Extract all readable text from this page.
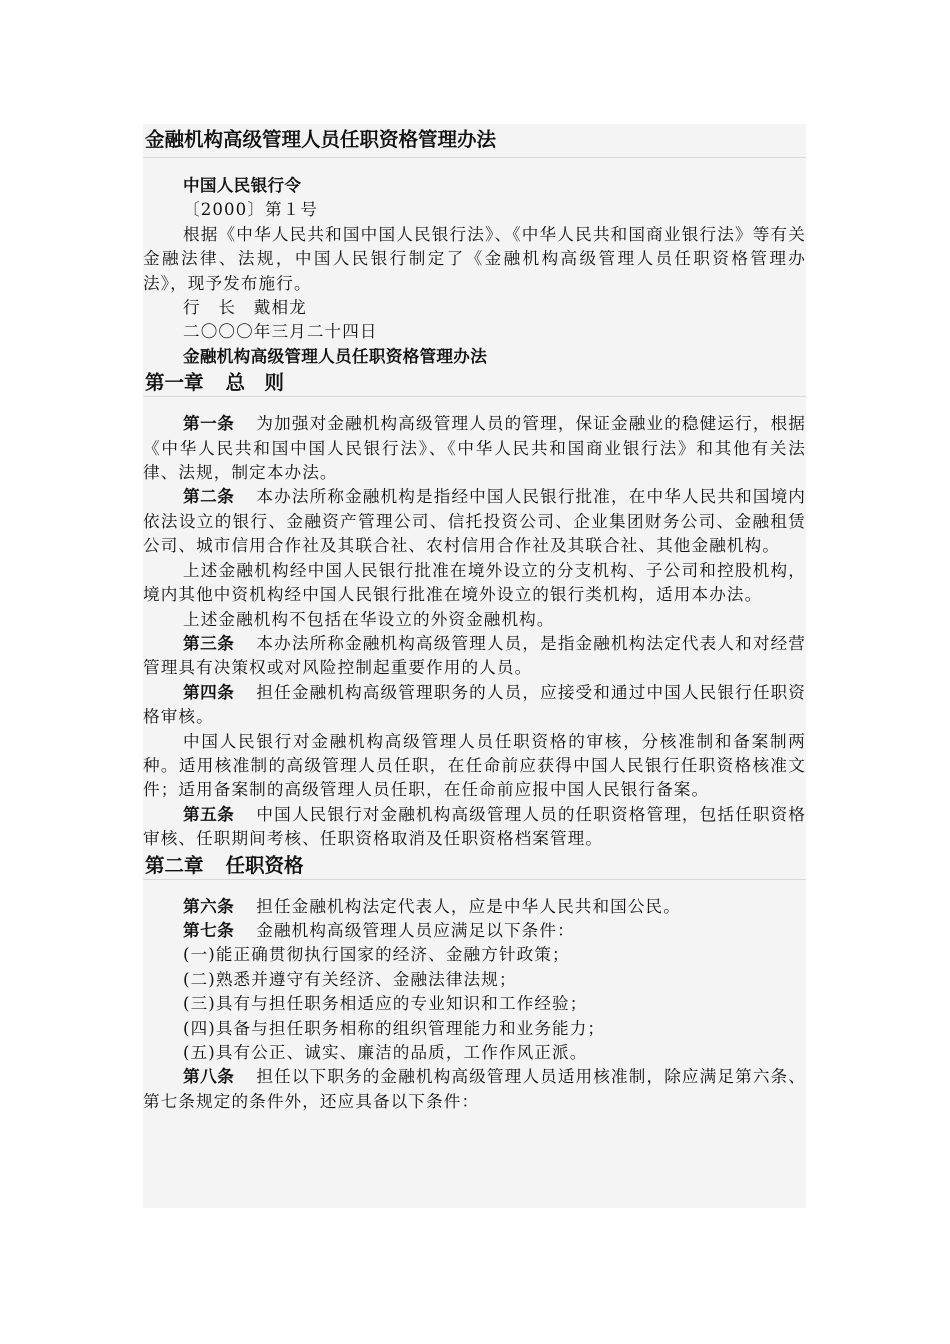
金融机构高级管理人员任职资格管理办法

中国人民银行令

〔2000〕第１号

根据《中华人民共和国中国人民银行法》、《中华人民共和国商业银行法》等有关金融法律、法规，中国人民银行制定了《金融机构高级管理人员任职资格管理办法》，现予发布施行。

行　长　戴相龙

二〇〇〇年三月二十四日

金融机构高级管理人员任职资格管理办法

第一章 总　则

第一条 为加强对金融机构高级管理人员的管理，保证金融业的稳健运行，根据《中华人民共和国中国人民银行法》、《中华人民共和国商业银行法》和其他有关法律、法规，制定本办法。

第二条 本办法所称金融机构是指经中国人民银行批准，在中华人民共和国境内依法设立的银行、金融资产管理公司、信托投资公司、企业集团财务公司、金融租赁公司、城市信用合作社及其联合社、农村信用合作社及其联合社、其他金融机构。

上述金融机构经中国人民银行批准在境外设立的分支机构、子公司和控股机构，境内其他中资机构经中国人民银行批准在境外设立的银行类机构，适用本办法。

上述金融机构不包括在华设立的外资金融机构。

第三条 本办法所称金融机构高级管理人员，是指金融机构法定代表人和对经营管理具有决策权或对风险控制起重要作用的人员。

第四条 担任金融机构高级管理职务的人员，应接受和通过中国人民银行任职资格审核。

中国人民银行对金融机构高级管理人员任职资格的审核，分核准制和备案制两种。适用核准制的高级管理人员任职，在任命前应获得中国人民银行任职资格核准文件；适用备案制的高级管理人员任职，在任命前应报中国人民银行备案。

第五条 中国人民银行对金融机构高级管理人员的任职资格管理，包括任职资格审核、任职期间考核、任职资格取消及任职资格档案管理。

第二章 任职资格

第六条 担任金融机构法定代表人，应是中华人民共和国公民。

第七条 金融机构高级管理人员应满足以下条件：

(一)能正确贯彻执行国家的经济、金融方针政策；

(二)熟悉并遵守有关经济、金融法律法规；

(三)具有与担任职务相适应的专业知识和工作经验；

(四)具备与担任职务相称的组织管理能力和业务能力；

(五)具有公正、诚实、廉洁的品质，工作作风正派。

第八条 担任以下职务的金融机构高级管理人员适用核准制，除应满足第六条、第七条规定的条件外，还应具备以下条件：
